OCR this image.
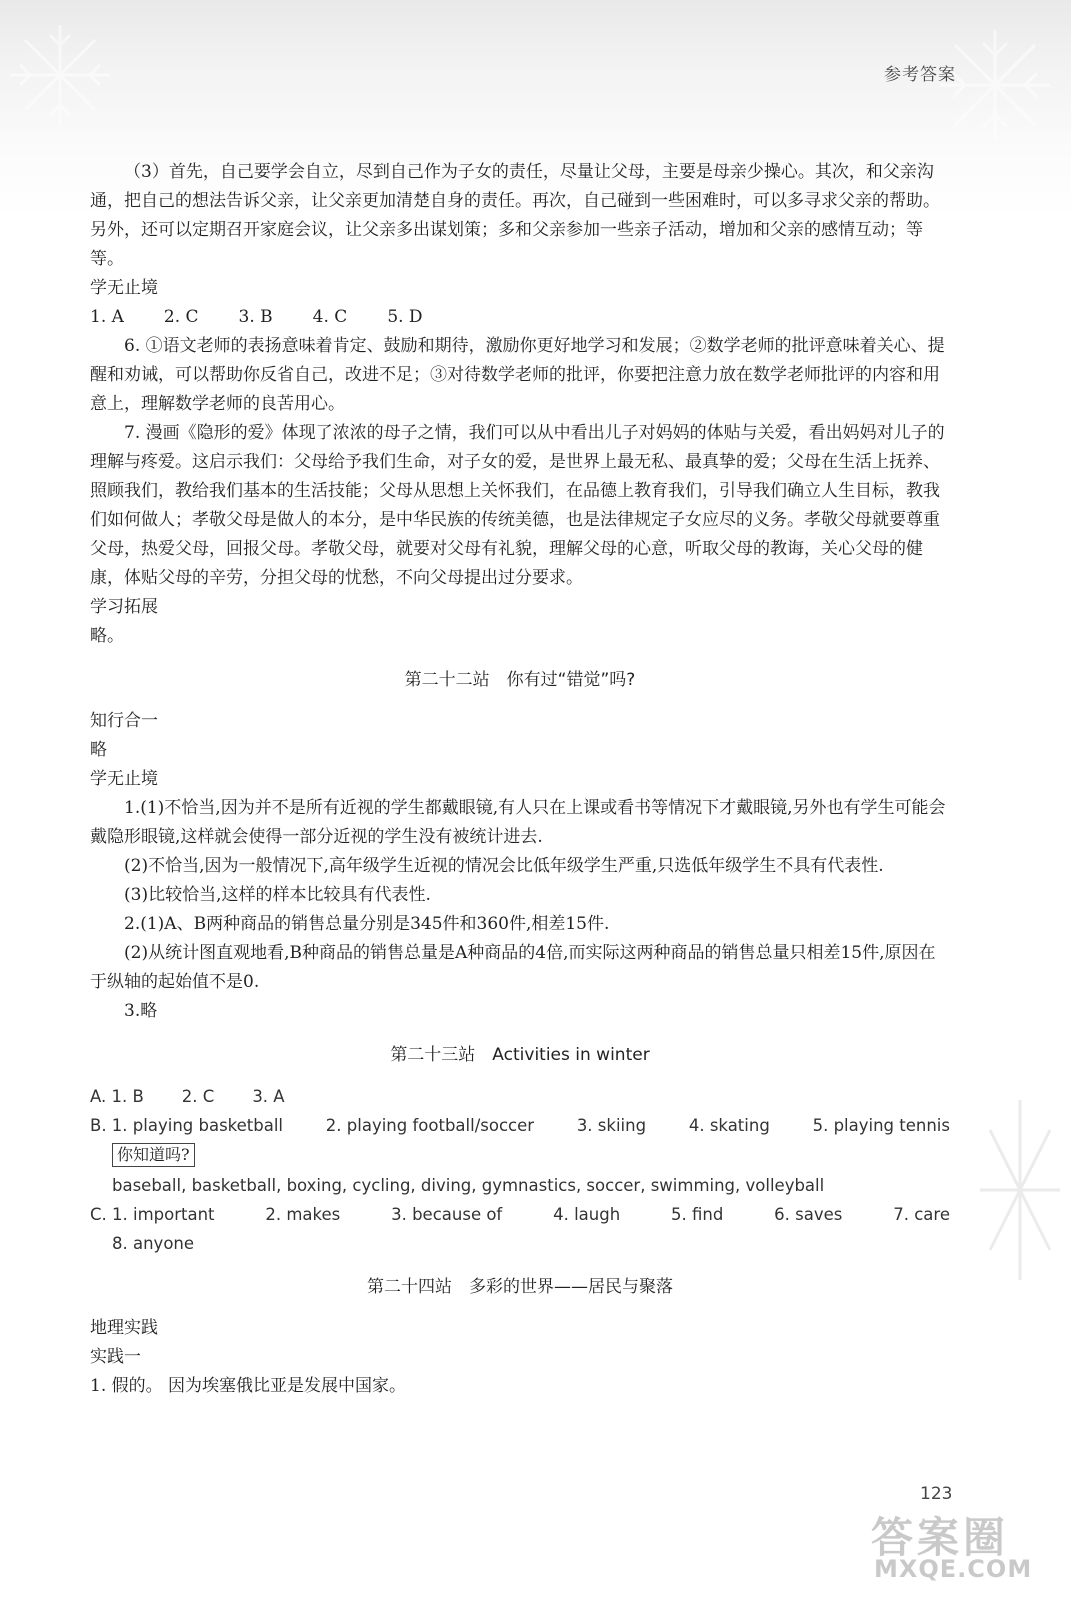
参考答案

（3）首先，自己要学会自立，尽到自己作为子女的责任，尽量让父母，主要是母亲少操心。其次，和父亲沟通，把自己的想法告诉父亲，让父亲更加清楚自身的责任。再次，自己碰到一些困难时，可以多寻求父亲的帮助。另外，还可以定期召开家庭会议，让父亲多出谋划策；多和父亲参加一些亲子活动，增加和父亲的感情互动；等等。

学无止境
1. A 2. C 3. B 4. C 5. D

6. ①语文老师的表扬意味着肯定、鼓励和期待，激励你更好地学习和发展；②数学老师的批评意味着关心、提醒和劝诫，可以帮助你反省自己，改进不足；③对待数学老师的批评，你要把注意力放在数学老师批评的内容和用意上，理解数学老师的良苦用心。

7. 漫画《隐形的爱》体现了浓浓的母子之情，我们可以从中看出儿子对妈妈的体贴与关爱，看出妈妈对儿子的理解与疼爱。这启示我们：父母给予我们生命，对子女的爱，是世界上最无私、最真挚的爱；父母在生活上抚养、照顾我们，教给我们基本的生活技能；父母从思想上关怀我们，在品德上教育我们，引导我们确立人生目标，教我们如何做人；孝敬父母是做人的本分，是中华民族的传统美德，也是法律规定子女应尽的义务。孝敬父母就要尊重父母，热爱父母，回报父母。孝敬父母，就要对父母有礼貌，理解父母的心意，听取父母的教诲，关心父母的健康，体贴父母的辛劳，分担父母的忧愁，不向父母提出过分要求。

学习拓展

略。

第二十二站　你有过“错觉”吗?
知行合一

略

学无止境

1.(1)不恰当,因为并不是所有近视的学生都戴眼镜,有人只在上课或看书等情况下才戴眼镜,另外也有学生可能会戴隐形眼镜,这样就会使得一部分近视的学生没有被统计进去.

(2)不恰当,因为一般情况下,高年级学生近视的情况会比低年级学生严重,只选低年级学生不具有代表性.

(3)比较恰当,这样的样本比较具有代表性.

2.(1)A、B两种商品的销售总量分别是345件和360件,相差15件.

(2)从统计图直观地看,B种商品的销售总量是A种商品的4倍,而实际这两种商品的销售总量只相差15件,原因在于纵轴的起始值不是0.

3.略

第二十三站　Activities in winter
A. 1. B 2. C 3. A
B. 1. playing basketball	2. playing football/soccer	3. skiing	4. skating	5. playing tennis
你知道吗?
baseball, basketball, boxing, cycling, diving, gymnastics, soccer, swimming, volleyball
C. 1. important	2. makes	3. because of	4. laugh	5. find	6. saves	7. care
8. anyone
第二十四站　多彩的世界——居民与聚落
地理实践

实践一

1. 假的。 因为埃塞俄比亚是发展中国家。

123
答案圈
MXQE.COM
